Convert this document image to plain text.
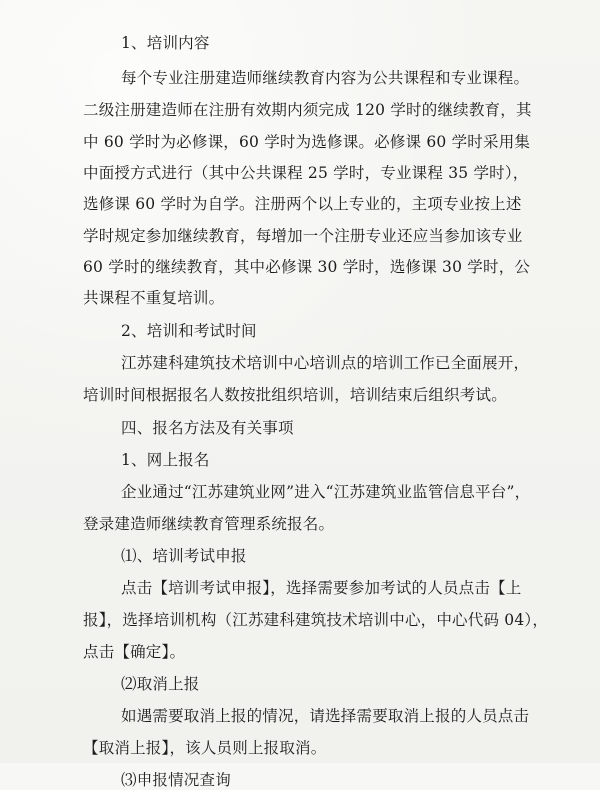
1、培训内容
每个专业注册建造师继续教育内容为公共课程和专业课程。
二级注册建造师在注册有效期内须完成 120 学时的继续教育，其
中 60 学时为必修课，60 学时为选修课。必修课 60 学时采用集
中面授方式进行（其中公共课程 25 学时，专业课程 35 学时），
选修课 60 学时为自学。注册两个以上专业的，主项专业按上述
学时规定参加继续教育，每增加一个注册专业还应当参加该专业
60 学时的继续教育，其中必修课 30 学时，选修课 30 学时，公
共课程不重复培训。
2、培训和考试时间
江苏建科建筑技术培训中心培训点的培训工作已全面展开，
培训时间根据报名人数按批组织培训，培训结束后组织考试。
四、报名方法及有关事项
1、网上报名
企业通过“江苏建筑业网”进入“江苏建筑业监管信息平台”，
登录建造师继续教育管理系统报名。
⑴、培训考试申报
点击【培训考试申报】，选择需要参加考试的人员点击【上
报】，选择培训机构（江苏建科建筑技术培训中心，中心代码 04），
点击【确定】。
⑵取消上报
如遇需要取消上报的情况，请选择需要取消上报的人员点击
【取消上报】，该人员则上报取消。
⑶申报情况查询
